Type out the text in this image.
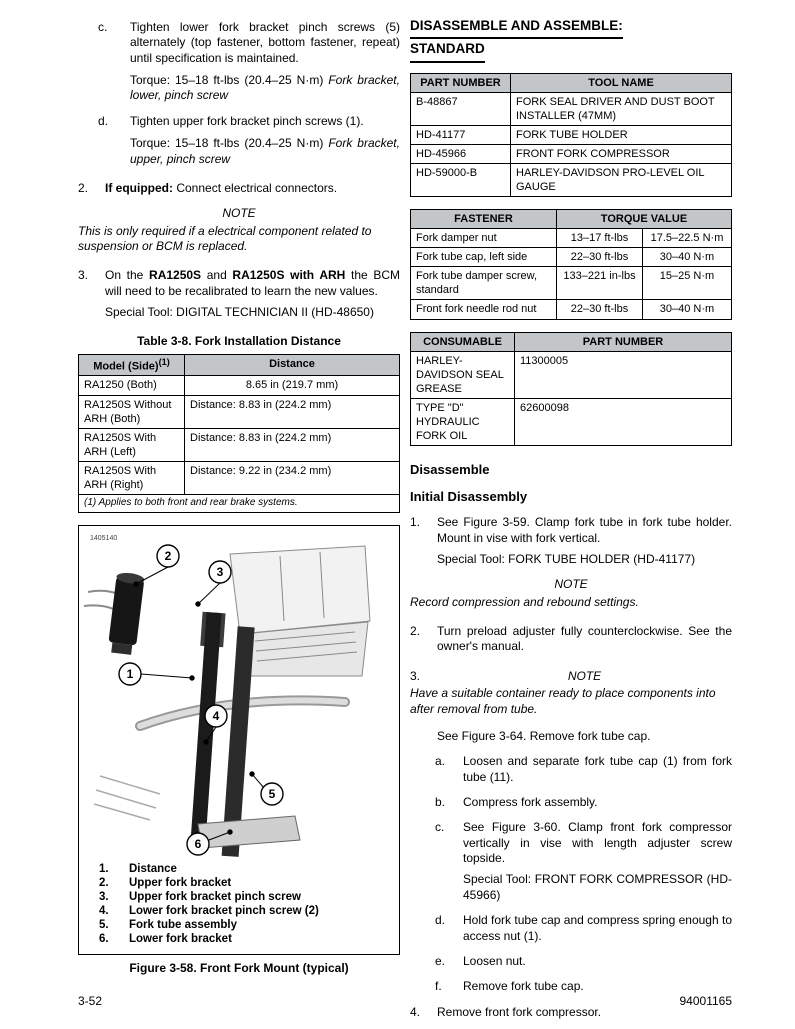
c.	Tighten lower fork bracket pinch screws (5) alternately (top fastener, bottom fastener, repeat) until specification is maintained.

Torque: 15–18 ft-lbs (20.4–25 N·m) Fork bracket, lower, pinch screw

d.	Tighten upper fork bracket pinch screws (1).

Torque: 15–18 ft-lbs (20.4–25 N·m) Fork bracket, upper, pinch screw

2.	If equipped: Connect electrical connectors.

NOTE

This is only required if a electrical component related to suspension or BCM is replaced.

3.	On the RA1250S and RA1250S with ARH the BCM will need to be recalibrated to learn the new values.

Special Tool: DIGITAL TECHNICIAN II (HD-48650)

Table 3-8. Fork Installation Distance

Model (Side)$^{(1)}$	Distance
RA1250 (Both)	8.65 in (219.7 mm)
RA1250S Without ARH (Both)	Distance: 8.83 in (224.2 mm)
RA1250S With ARH (Left)	Distance: 8.83 in (224.2 mm)
RA1250S With ARH (Right)	Distance: 9.22 in (234.2 mm)
(1) Applies to both front and rear brake systems.	
1405140
2
3
1
4
5
6
1.	Distance
2.	Upper fork bracket
3.	Upper fork bracket pinch screw
4.	Lower fork bracket pinch screw (2)
5.	Fork tube assembly
6.	Lower fork bracket

Figure 3-58. Front Fork Mount (typical)

DISASSEMBLE AND ASSEMBLE:
STANDARD
PART NUMBER	TOOL NAME
B-48867	FORK SEAL DRIVER AND DUST BOOT INSTALLER (47MM)
HD-41177	FORK TUBE HOLDER
HD-45966	FRONT FORK COMPRESSOR
HD-59000-B	HARLEY-DAVIDSON PRO-LEVEL OIL GAUGE
FASTENER	TORQUE VALUE	
Fork damper nut	13–17 ft-lbs	17.5–22.5 N·m
Fork tube cap, left side	22–30 ft-lbs	30–40 N·m
Fork tube damper screw, standard	133–221 in-lbs	15–25 N·m
Front fork needle rod nut	22–30 ft-lbs	30–40 N·m
CONSUMABLE	PART NUMBER
HARLEY-DAVIDSON SEAL GREASE	11300005
TYPE "D" HYDRAULIC FORK OIL	62600098
Disassemble
Initial Disassembly
1.	See Figure 3-59. Clamp fork tube in fork tube holder. Mount in vise with fork vertical.

Special Tool: FORK TUBE HOLDER (HD-41177)

NOTE

Record compression and rebound settings.

2.	Turn preload adjuster fully counterclockwise. See the owner's manual.

3.	NOTE

Have a suitable container ready to place components into after removal from tube.

See Figure 3-64. Remove fork tube cap.

a.	Loosen and separate fork tube cap (1) from fork tube (11).

b.	Compress fork assembly.

c.	See Figure 3-60. Clamp front fork compressor vertically in vise with length adjuster screw topside.

Special Tool: FRONT FORK COMPRESSOR (HD-45966)

d.	Hold fork tube cap and compress spring enough to access nut (1).

e.	Loosen nut.

f.	Remove fork tube cap.

4.	Remove front fork compressor.

3-52	94001165
